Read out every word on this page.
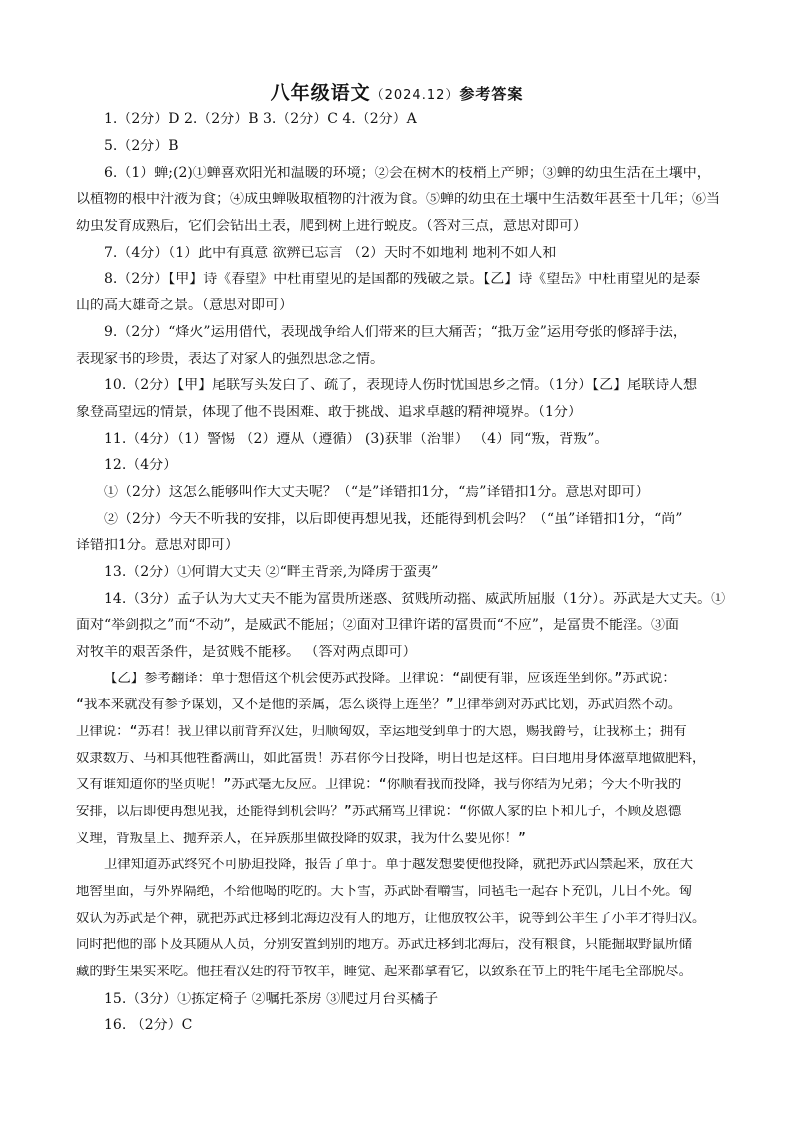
八年级语文（2024.12）参考答案
1.（2分）D 2.（2分）B 3.（2分）C 4.（2分）A
5.（2分）B
6.（1）蝉;(2)①蝉喜欢阳光和温暖的环境；②会在树木的枝梢上产卵；③蝉的幼虫生活在土壤中，
以植物的根中汁液为食；④成虫蝉吸取植物的汁液为食。⑤蝉的幼虫在土壤中生活数年甚至十几年；⑥当
幼虫发育成熟后，它们会钻出土表，爬到树上进行蜕皮。（答对三点，意思对即可）
7.（4分）（1）此中有真意 欲辨已忘言 （2）天时不如地利 地利不如人和
8.（2分）【甲】诗《春望》中杜甫望见的是国都的残破之景。【乙】诗《望岳》中杜甫望见的是泰
山的高大雄奇之景。（意思对即可）
9.（2分）“烽火”运用借代，表现战争给人们带来的巨大痛苦；“抵万金”运用夸张的修辞手法，
表现家书的珍贵，表达了对家人的强烈思念之情。
10.（2分）【甲】尾联写头发白了、疏了，表现诗人伤时忧国思乡之情。（1分）【乙】尾联诗人想
象登高望远的情景，体现了他不畏困难、敢于挑战、追求卓越的精神境界。（1分）
11.（4分）（1）警惕 （2）遵从（遵循） (3)获罪（治罪） （4）同“叛，背叛”。
12.（4分）
①（2分）这怎么能够叫作大丈夫呢？（“是”译错扣1分，“焉”译错扣1分。意思对即可）
②（2分）今天不听我的安排，以后即使再想见我，还能得到机会吗？（“虽”译错扣1分，“尚”
译错扣1分。意思对即可）
13.（2分）①何谓大丈夫 ②“畔主背亲,为降虏于蛮夷”
14.（3分）孟子认为大丈夫不能为富贵所迷惑、贫贱所动摇、威武所屈服（1分）。苏武是大丈夫。①
面对“举剑拟之”而“不动”，是威武不能屈；②面对卫律许诺的富贵而“不应”，是富贵不能淫。③面
对牧羊的艰苦条件，是贫贱不能移。 （答对两点即可）
【乙】参考翻译：单于想借这个机会使苏武投降。卫律说：“副使有罪，应该连坐到你。”苏武说：
“我本来就没有参予谋划，又不是他的亲属，怎么谈得上连坐？”卫律举剑对苏武比划，苏武岿然不动。
卫律说：“苏君！我卫律以前背弃汉廷，归顺匈奴，幸运地受到单于的大恩，赐我爵号，让我称王；拥有
奴隶数万、马和其他牲畜满山，如此富贵！苏君你今日投降，明日也是这样。白白地用身体滋草地做肥料，
又有谁知道你的坚贞呢！”苏武毫无反应。卫律说：“你顺着我而投降，我与你结为兄弟；今天不听我的
安排，以后即使再想见我，还能得到机会吗？”苏武痛骂卫律说：“你做人家的臣下和儿子，不顾及恩德
义理，背叛皇上、抛弃亲人，在异族那里做投降的奴隶，我为什么要见你！”
卫律知道苏武终究不可胁迫投降，报告了单于。单于越发想要使他投降，就把苏武囚禁起来，放在大
地窖里面，与外界隔绝，不给他喝的吃的。天下雪，苏武卧着嚼雪，同毡毛一起吞下充饥，几日不死。匈
奴认为苏武是个神，就把苏武迁移到北海边没有人的地方，让他放牧公羊，说等到公羊生了小羊才得归汉。
同时把他的部下及其随从人员，分别安置到别的地方。苏武迁移到北海后，没有粮食，只能掘取野鼠所储
藏的野生果实来吃。他拄着汉廷的符节牧羊，睡觉、起来都拿着它，以致系在节上的牦牛尾毛全部脱尽。
15.（3分）①拣定椅子 ②嘱托茶房 ③爬过月台买橘子
16. （2分）C
